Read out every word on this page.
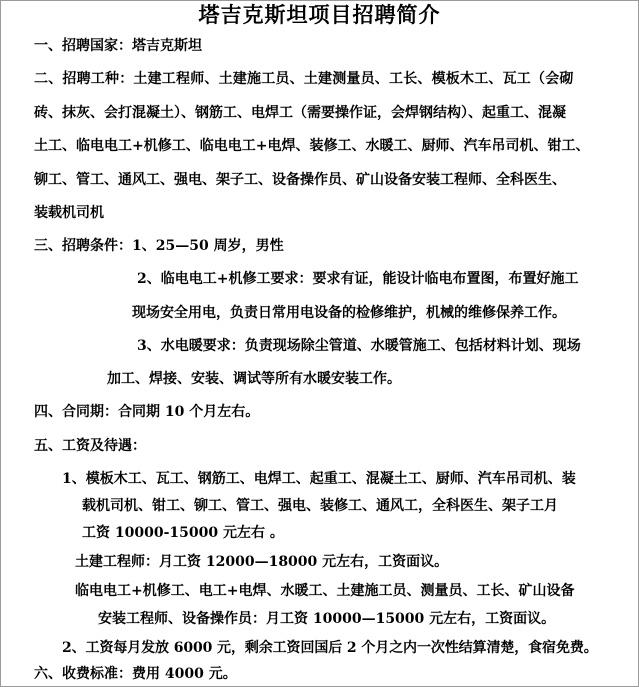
塔吉克斯坦项目招聘简介
一、招聘国家：塔吉克斯坦
二、招聘工种：土建工程师、土建施工员、土建测量员、工长、模板木工、瓦工（会砌
砖、抹灰、会打混凝土）、钢筋工、电焊工（需要操作证，会焊钢结构）、起重工、混凝
土工、临电电工+机修工、临电电工+电焊、装修工、水暖工、厨师、汽车吊司机、钳工、
铆工、管工、通风工、强电、架子工、设备操作员、矿山设备安装工程师、全科医生、
装载机司机
三、招聘条件：1、25—50 周岁，男性
2、临电电工+机修工要求：要求有证，能设计临电布置图，布置好施工
现场安全用电，负责日常用电设备的检修维护，机械的维修保养工作。
3、水电暖要求：负责现场除尘管道、水暖管施工、包括材料计划、现场
加工、焊接、安装、调试等所有水暖安装工作。
四、合同期：合同期 10 个月左右。
五、工资及待遇：
1、模板木工、瓦工、钢筋工、电焊工、起重工、混凝土工、厨师、汽车吊司机、装
载机司机、钳工、铆工、管工、强电、装修工、通风工，全科医生、架子工月
工资 10000-15000 元左右 。
土建工程师：月工资 12000—18000 元左右，工资面议。
临电电工+机修工、电工+电焊、水暖工、土建施工员、测量员、工长、矿山设备
安装工程师、设备操作员：月工资 10000—15000 元左右，工资面议。
2、工资每月发放 6000 元，剩余工资回国后 2 个月之内一次性结算清楚，食宿免费。
六、收费标准：费用 4000 元。
